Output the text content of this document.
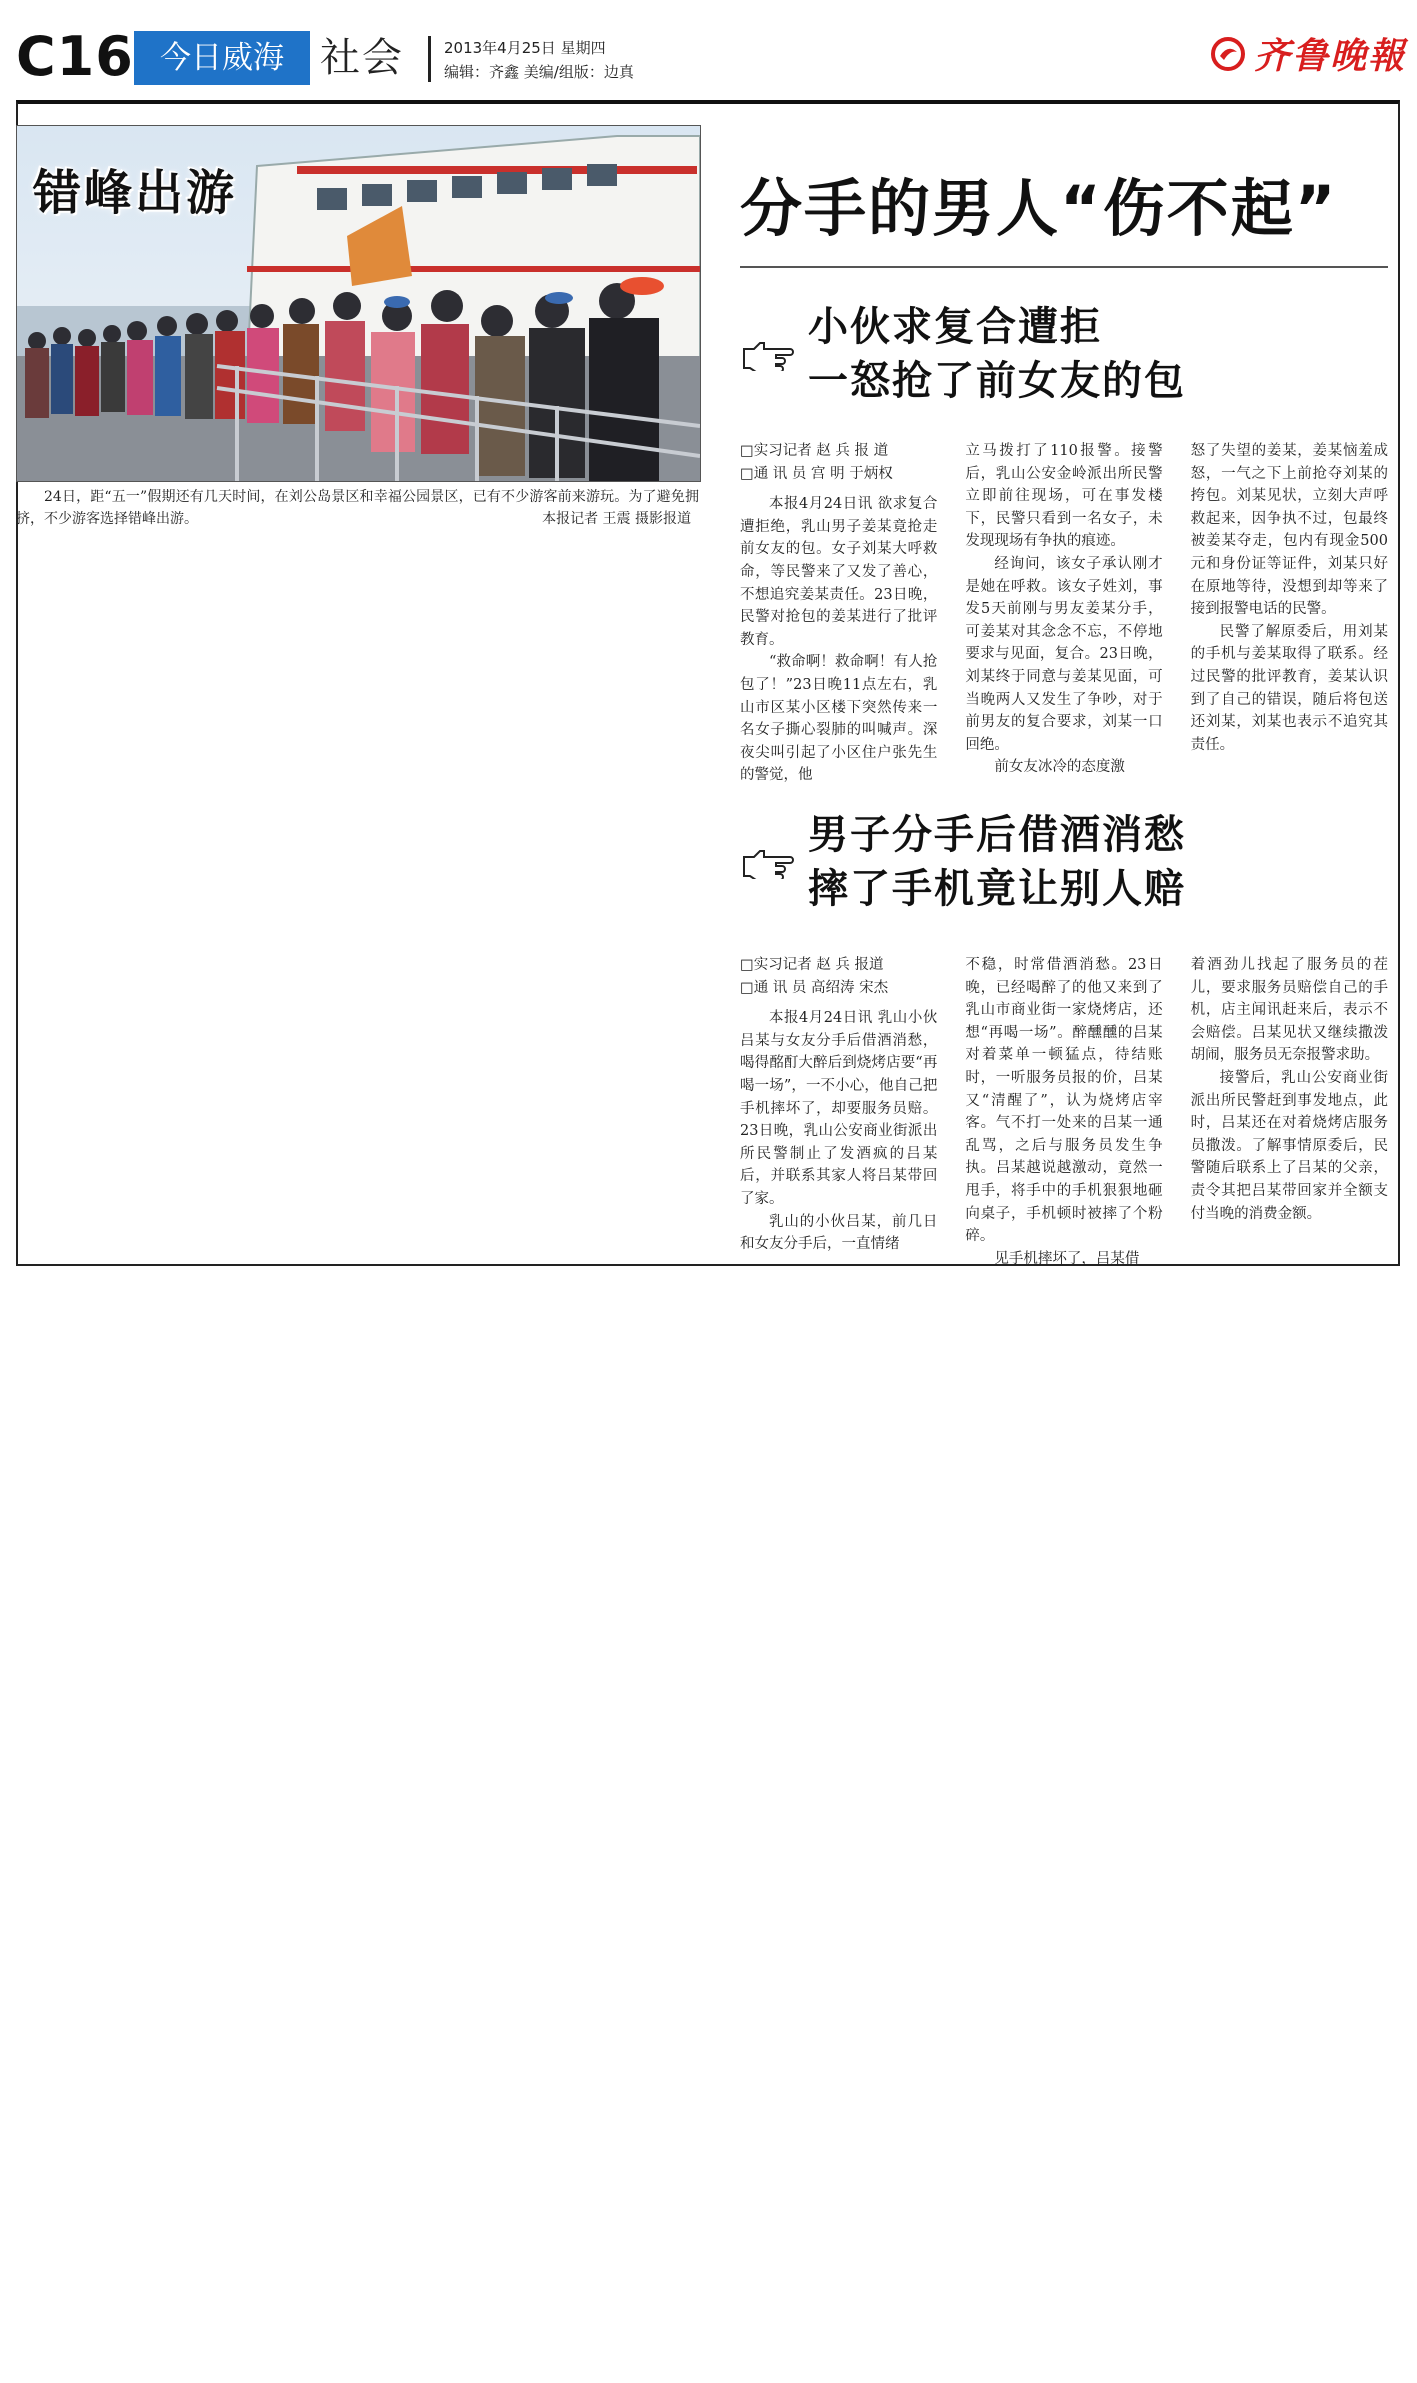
C16 今日威海 社会	2013年4月25日 星期四
编辑：齐鑫 美编/组版：边真	齐鲁晚報
错峰出游
24日，距“五一”假期还有几天时间，在刘公岛景区和幸福公园景区，已有不少游客前来游玩。为了避免拥挤，不少游客选择错峰出游。	本报记者 王震 摄影报道
分手的男人“伤不起”
小伙求复合遭拒
一怒抢了前女友的包
□实习记者 赵 兵 报 道
□通 讯 员 宫 明 于炳权

本报4月24日讯 欲求复合遭拒绝，乳山男子姜某竟抢走前女友的包。女子刘某大呼救命，等民警来了又发了善心，不想追究姜某责任。23日晚，民警对抢包的姜某进行了批评教育。

“救命啊！救命啊！有人抢包了！”23日晚11点左右，乳山市区某小区楼下突然传来一名女子撕心裂肺的叫喊声。深夜尖叫引起了小区住户张先生的警觉，他

立马拨打了110报警。接警后，乳山公安金岭派出所民警立即前往现场，可在事发楼下，民警只看到一名女子，未发现现场有争执的痕迹。

经询问，该女子承认刚才是她在呼救。该女子姓刘，事发5天前刚与男友姜某分手，可姜某对其念念不忘，不停地要求与见面，复合。23日晚，刘某终于同意与姜某见面，可当晚两人又发生了争吵，对于前男友的复合要求，刘某一口回绝。

前女友冰冷的态度激

怒了失望的姜某，姜某恼羞成怒，一气之下上前抢夺刘某的挎包。刘某见状，立刻大声呼救起来，因争执不过，包最终被姜某夺走，包内有现金500元和身份证等证件，刘某只好在原地等待，没想到却等来了接到报警电话的民警。

民警了解原委后，用刘某的手机与姜某取得了联系。经过民警的批评教育，姜某认识到了自己的错误，随后将包送还刘某，刘某也表示不追究其责任。

男子分手后借酒消愁
摔了手机竟让别人赔
□实习记者 赵 兵 报道
□通 讯 员 高绍涛 宋杰

本报4月24日讯 乳山小伙吕某与女友分手后借酒消愁，喝得酩酊大醉后到烧烤店要“再喝一场”，一不小心，他自己把手机摔坏了，却要服务员赔。23日晚，乳山公安商业街派出所民警制止了发酒疯的吕某后，并联系其家人将吕某带回了家。

乳山的小伙吕某，前几日和女友分手后，一直情绪

不稳，时常借酒消愁。23日晚，已经喝醉了的他又来到了乳山市商业街一家烧烤店，还想“再喝一场”。醉醺醺的吕某对着菜单一顿猛点，待结账时，一听服务员报的价，吕某又“清醒了”，认为烧烤店宰客。气不打一处来的吕某一通乱骂，之后与服务员发生争执。吕某越说越激动，竟然一甩手，将手中的手机狠狠地砸向桌子，手机顿时被摔了个粉碎。

见手机摔坏了，吕某借

着酒劲儿找起了服务员的茬儿，要求服务员赔偿自己的手机，店主闻讯赶来后，表示不会赔偿。吕某见状又继续撒泼胡闹，服务员无奈报警求助。

接警后，乳山公安商业街派出所民警赶到事发地点，此时，吕某还在对着烧烤店服务员撒泼。了解事情原委后，民警随后联系上了吕某的父亲，责令其把吕某带回家并全额支付当晚的消费金额。
